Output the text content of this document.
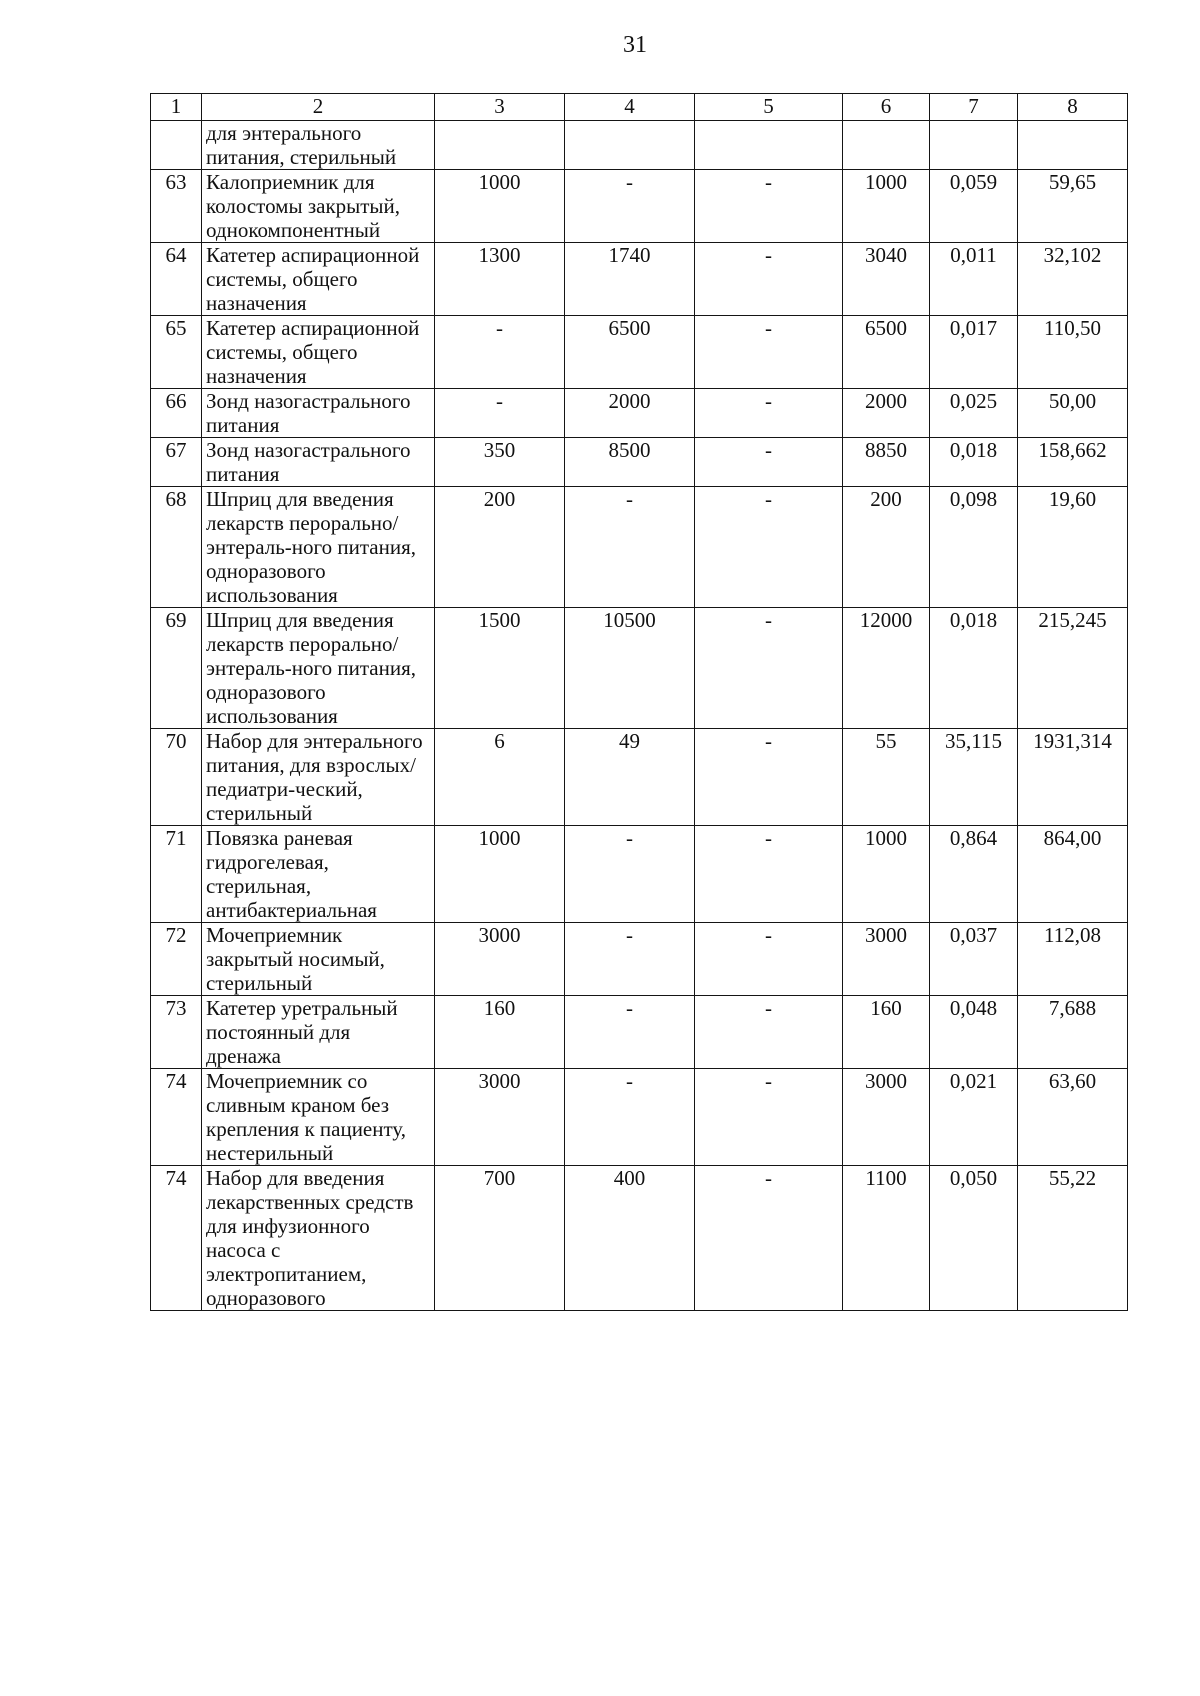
31
1	2	3	4	5	6	7	8
	для энтерального питания, стерильный						
63	Калоприемник для колостомы закрытый, однокомпонентный	1000	-	-	1000	0,059	59,65
64	Катетер аспирационной системы, общего назначения	1300	1740	-	3040	0,011	32,102
65	Катетер аспирационной системы, общего назначения	-	6500	-	6500	0,017	110,50
66	Зонд назогастрального питания	-	2000	-	2000	0,025	50,00
67	Зонд назогастрального питания	350	8500	-	8850	0,018	158,662
68	Шприц для введения лекарств перорально/энтераль-ного питания, одноразового использования	200	-	-	200	0,098	19,60
69	Шприц для введения лекарств перорально/энтераль-ного питания, одноразового использования	1500	10500	-	12000	0,018	215,245
70	Набор для энтерального питания, для взрослых/педиатри-ческий, стерильный	6	49	-	55	35,115	1931,314
71	Повязка раневая гидрогелевая, стерильная, антибактериальная	1000	-	-	1000	0,864	864,00
72	Мочеприемник закрытый носимый, стерильный	3000	-	-	3000	0,037	112,08
73	Катетер уретральный постоянный для дренажа	160	-	-	160	0,048	7,688
74	Мочеприемник со сливным краном без крепления к пациенту, нестерильный	3000	-	-	3000	0,021	63,60
74	Набор для введения лекарственных средств для инфузионного насоса с электропитанием, одноразового	700	400	-	1100	0,050	55,22
